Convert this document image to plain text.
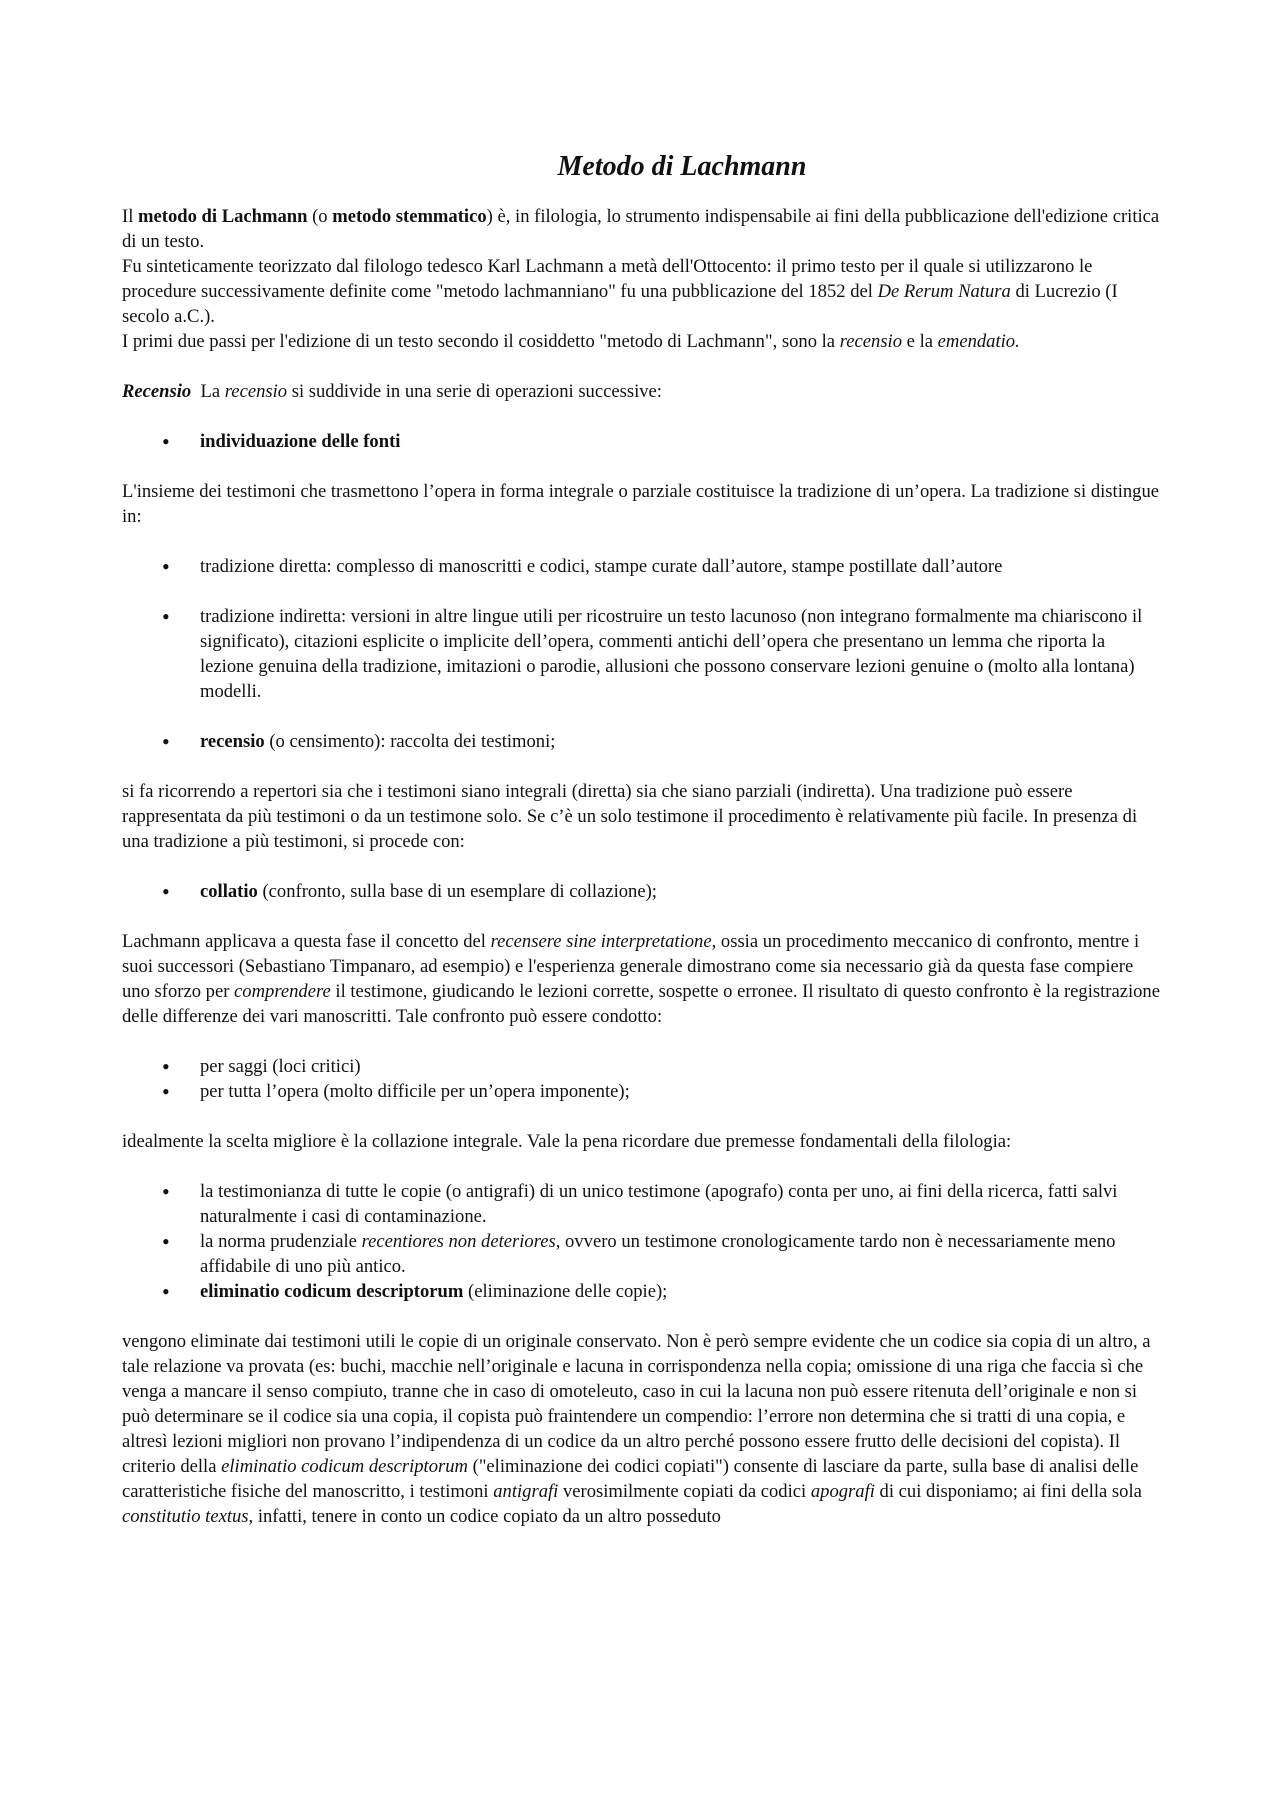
Metodo di Lachmann

Il metodo di Lachmann (o metodo stemmatico) è, in filologia, lo strumento indispensabile ai fini della pubblicazione dell'edizione critica di un testo.

Fu sinteticamente teorizzato dal filologo tedesco Karl Lachmann a metà dell'Ottocento: il primo testo per il quale si utilizzarono le procedure successivamente definite come "metodo lachmanniano" fu una pubblicazione del 1852 del De Rerum Natura di Lucrezio (I secolo a.C.).

I primi due passi per l'edizione di un testo secondo il cosiddetto "metodo di Lachmann", sono la recensio e la emendatio.

Recensio  La recensio si suddivide in una serie di operazioni successive:

• individuazione delle fonti

L'insieme dei testimoni che trasmettono l’opera in forma integrale o parziale costituisce la tradizione di un’opera. La tradizione si distingue in:

• tradizione diretta: complesso di manoscritti e codici, stampe curate dall’autore, stampe postillate dall’autore
• tradizione indiretta: versioni in altre lingue utili per ricostruire un testo lacunoso (non integrano formalmente ma chiariscono il significato), citazioni esplicite o implicite dell’opera, commenti antichi dell’opera che presentano un lemma che riporta la lezione genuina della tradizione, imitazioni o parodie, allusioni che possono conservare lezioni genuine o (molto alla lontana) modelli.
• recensio (o censimento): raccolta dei testimoni;

si fa ricorrendo a repertori sia che i testimoni siano integrali (diretta) sia che siano parziali (indiretta). Una tradizione può essere rappresentata da più testimoni o da un testimone solo. Se c’è un solo testimone il procedimento è relativamente più facile. In presenza di una tradizione a più testimoni, si procede con:

• collatio (confronto, sulla base di un esemplare di collazione);

Lachmann applicava a questa fase il concetto del recensere sine interpretatione, ossia un procedimento meccanico di confronto, mentre i suoi successori (Sebastiano Timpanaro, ad esempio) e l'esperienza generale dimostrano come sia necessario già da questa fase compiere uno sforzo per comprendere il testimone, giudicando le lezioni corrette, sospette o erronee. Il risultato di questo confronto è la registrazione delle differenze dei vari manoscritti. Tale confronto può essere condotto:

• per saggi (loci critici)
• per tutta l’opera (molto difficile per un’opera imponente);

idealmente la scelta migliore è la collazione integrale. Vale la pena ricordare due premesse fondamentali della filologia:

• la testimonianza di tutte le copie (o antigrafi) di un unico testimone (apografo) conta per uno, ai fini della ricerca, fatti salvi naturalmente i casi di contaminazione.
• la norma prudenziale recentiores non deteriores, ovvero un testimone cronologicamente tardo non è necessariamente meno affidabile di uno più antico.
• eliminatio codicum descriptorum (eliminazione delle copie);

vengono eliminate dai testimoni utili le copie di un originale conservato. Non è però sempre evidente che un codice sia copia di un altro, a tale relazione va provata (es: buchi, macchie nell’originale e lacuna in corrispondenza nella copia; omissione di una riga che faccia sì che venga a mancare il senso compiuto, tranne che in caso di omoteleuto, caso in cui la lacuna non può essere ritenuta dell’originale e non si può determinare se il codice sia una copia, il copista può fraintendere un compendio: l’errore non determina che si tratti di una copia, e altresì lezioni migliori non provano l’indipendenza di un codice da un altro perché possono essere frutto delle decisioni del copista). Il criterio della eliminatio codicum descriptorum ("eliminazione dei codici copiati") consente di lasciare da parte, sulla base di analisi delle caratteristiche fisiche del manoscritto, i testimoni antigrafi verosimilmente copiati da codici apografi di cui disponiamo; ai fini della sola constitutio textus, infatti, tenere in conto un codice copiato da un altro posseduto
